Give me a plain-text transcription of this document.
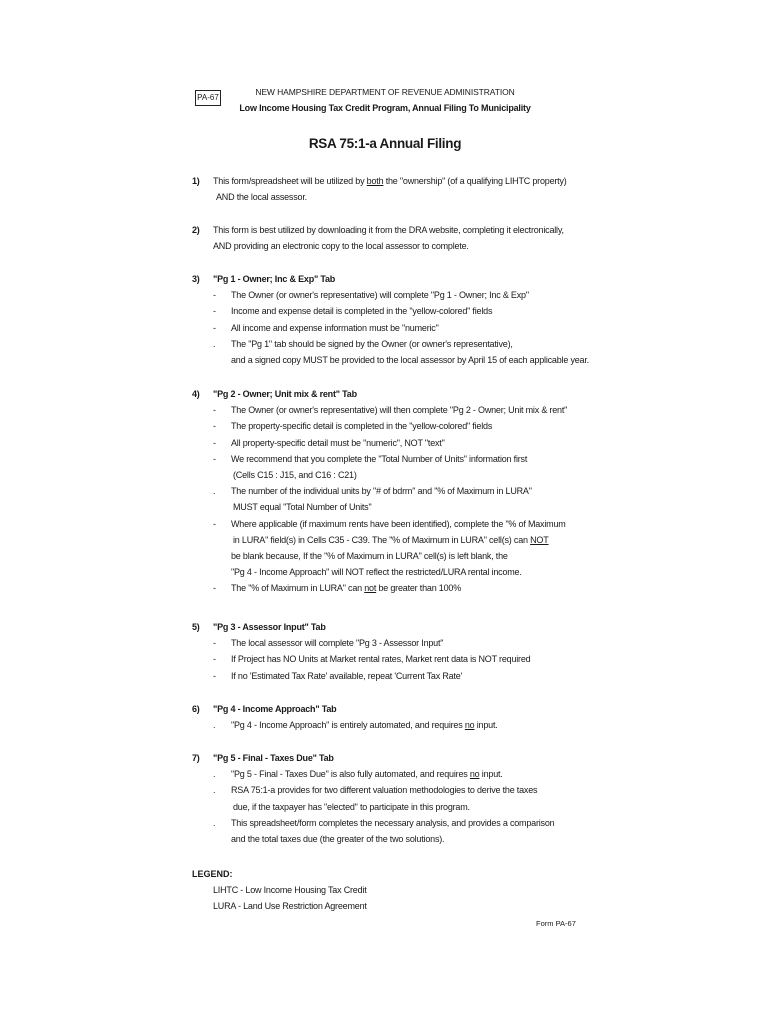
PA-67
NEW HAMPSHIRE DEPARTMENT OF REVENUE ADMINISTRATION
Low Income Housing Tax Credit Program, Annual Filing To Municipality
RSA 75:1-a Annual Filing
1) This form/spreadsheet will be utilized by both the "ownership" (of a qualifying LIHTC property)
AND the local assessor.
2) This form is best utilized by downloading it from the DRA website, completing it electronically,
AND providing an electronic copy to the local assessor to complete.
3) "Pg 1 - Owner; Inc & Exp" Tab
- The Owner (or owner's representative) will complete "Pg 1 - Owner; Inc & Exp"
- Income and expense detail is completed in the "yellow-colored" fields
- All income and expense information must be "numeric"
. The "Pg 1" tab should be signed by the Owner (or owner's representative),
and a signed copy MUST be provided to the local assessor by April 15 of each applicable year.
4) "Pg 2 - Owner; Unit mix & rent" Tab
- The Owner (or owner's representative) will then complete "Pg 2 - Owner; Unit mix & rent"
- The property-specific detail is completed in the "yellow-colored" fields
- All property-specific detail must be "numeric", NOT "text"
- We recommend that you complete the "Total Number of Units" information first
(Cells C15 : J15, and C16 : C21)
. The number of the individual units by "# of bdrm" and "% of Maximum in LURA"
MUST equal "Total Number of Units"
- Where applicable (if maximum rents have been identified), complete the "% of Maximum
in LURA" field(s) in Cells C35 - C39. The "% of Maximum in LURA" cell(s) can NOT
be blank because, If the "% of Maximum in LURA" cell(s) is left blank, the
"Pg 4 - Income Approach" will NOT reflect the restricted/LURA rental income.
- The "% of Maximum in LURA" can not be greater than 100%
5) "Pg 3 - Assessor Input" Tab
- The local assessor will complete "Pg 3 - Assessor Input"
- If Project has NO Units at Market rental rates, Market rent data is NOT required
- If no 'Estimated Tax Rate' available, repeat 'Current Tax Rate'
6) "Pg 4 - Income Approach" Tab
. "Pg 4 - Income Approach" is entirely automated, and requires no input.
7) "Pg 5 - Final - Taxes Due" Tab
. "Pg 5 - Final - Taxes Due" is also fully automated, and requires no input.
. RSA 75:1-a provides for two different valuation methodologies to derive the taxes
due, if the taxpayer has "elected" to participate in this program.
. This spreadsheet/form completes the necessary analysis, and provides a comparison
and the total taxes due (the greater of the two solutions).
LEGEND:
LIHTC - Low Income Housing Tax Credit
LURA - Land Use Restriction Agreement
Form PA-67
